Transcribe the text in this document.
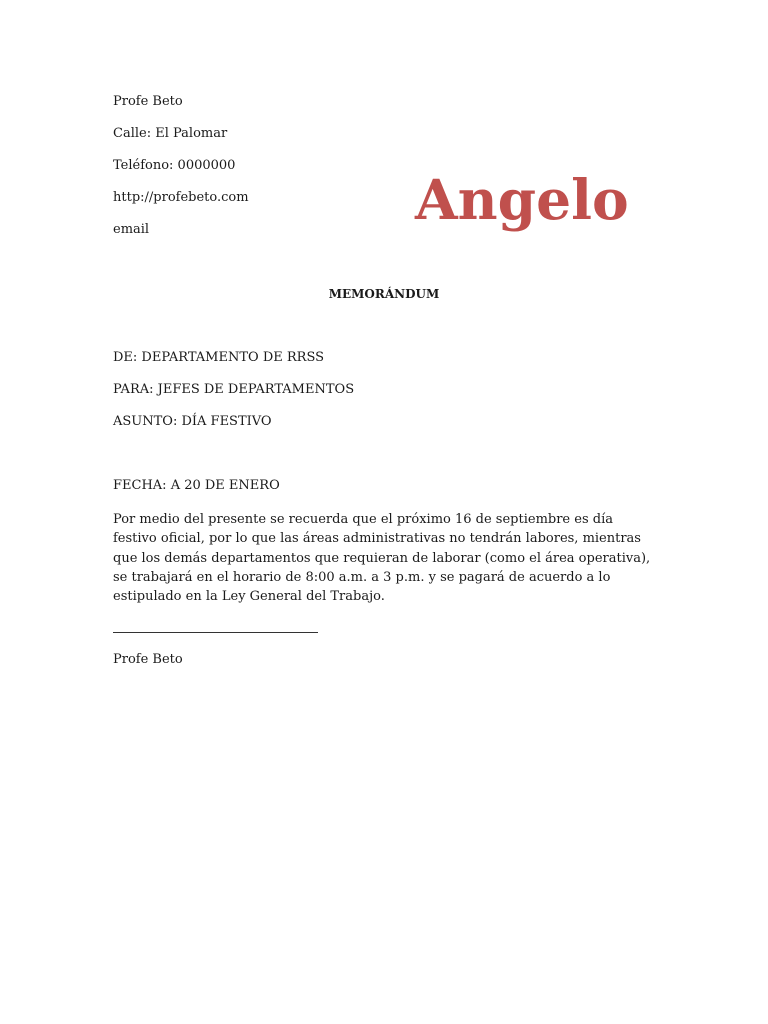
Profe Beto
Calle: El Palomar
Teléfono: 0000000
http://profebeto.com
email	Angelo
MEMORÁNDUM
DE: DEPARTAMENTO DE RRSS
PARA: JEFES DE DEPARTAMENTOS
ASUNTO: DÍA FESTIVO
FECHA: A 20 DE ENERO
Por medio del presente se recuerda que el próximo 16 de septiembre es día festivo oficial, por lo que las áreas administrativas no tendrán labores, mientras que los demás departamentos que requieran de laborar (como el área operativa), se trabajará en el horario de 8:00 a.m. a 3 p.m. y se pagará de acuerdo a lo estipulado en la Ley General del Trabajo.
Profe Beto
